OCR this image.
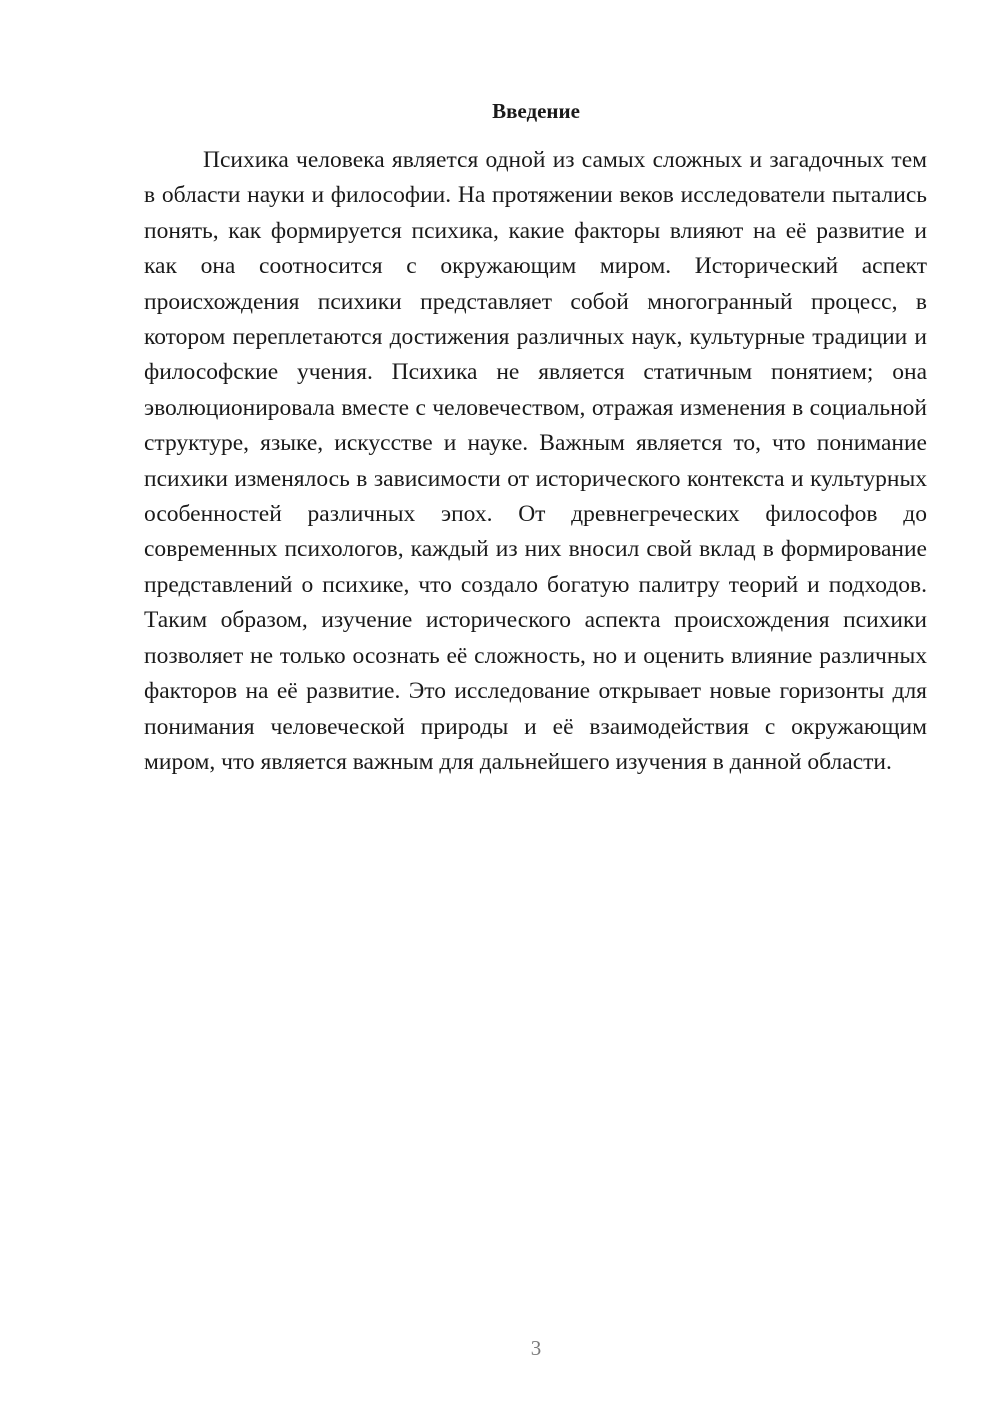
Введение

Психика человека является одной из самых сложных и загадочных тем в области науки и философии. На протяжении веков исследователи пытались понять, как формируется психика, какие факторы влияют на её развитие и как она соотносится с окружающим миром. Исторический аспект происхождения психики представляет собой многогранный процесс, в котором переплетаются достижения различных наук, культурные традиции и философские учения. Психика не является статичным понятием; она эволюционировала вместе с человечеством, отражая изменения в социальной структуре, языке, искусстве и науке. Важным является то, что понимание психики изменялось в зависимости от исторического контекста и культурных особенностей различных эпох. От древнегреческих философов до современных психологов, каждый из них вносил свой вклад в формирование представлений о психике, что создало богатую палитру теорий и подходов. Таким образом, изучение исторического аспекта происхождения психики позволяет не только осознать её сложность, но и оценить влияние различных факторов на её развитие. Это исследование открывает новые горизонты для понимания человеческой природы и её взаимодействия с окружающим миром, что является важным для дальнейшего изучения в данной области.

3
